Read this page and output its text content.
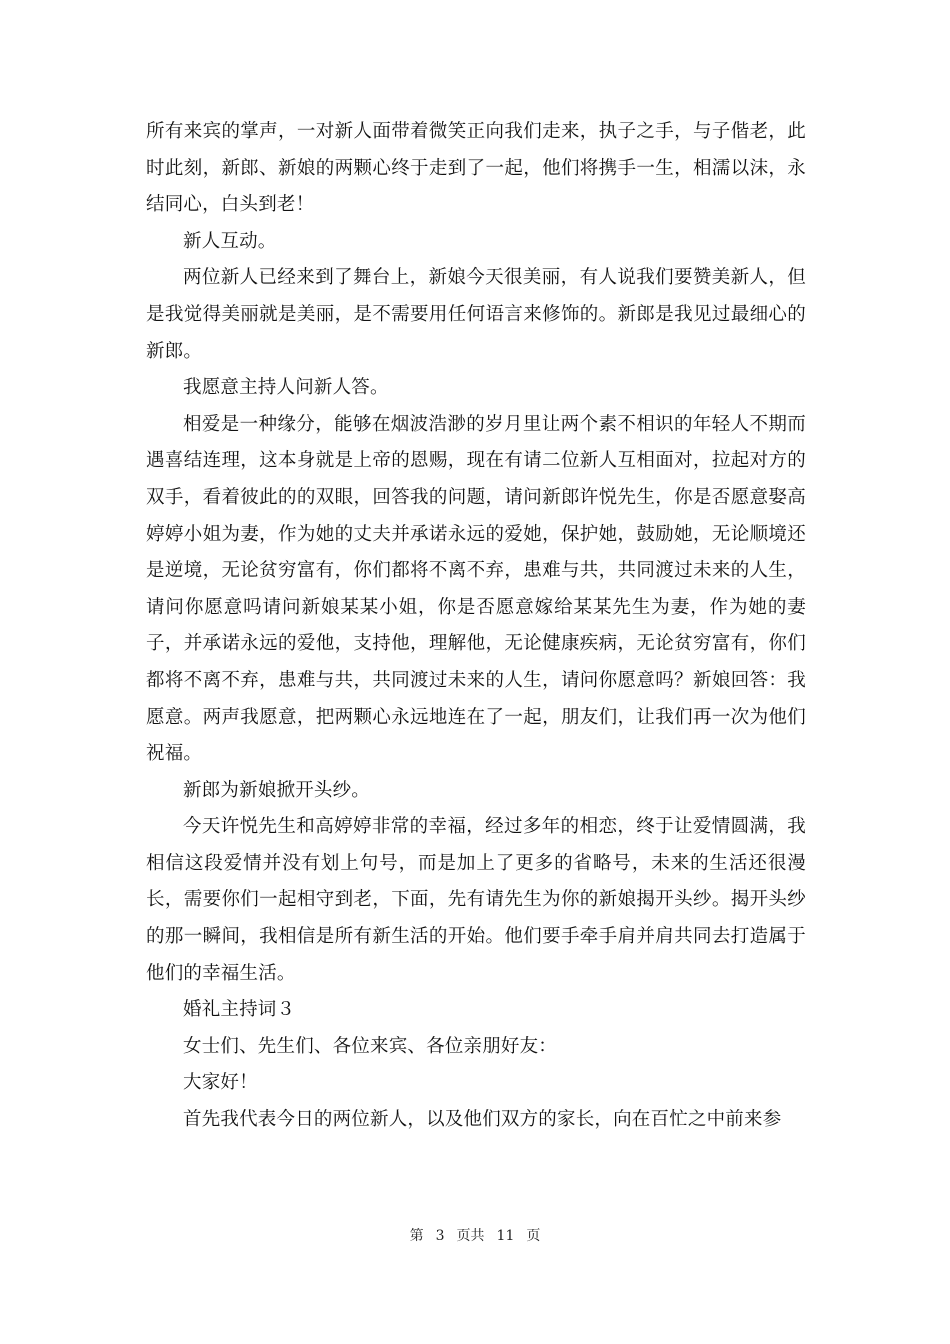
所有来宾的掌声，一对新人面带着微笑正向我们走来，执子之手，与子偕老，此时此刻，新郎、新娘的两颗心终于走到了一起，他们将携手一生，相濡以沫，永结同心，白头到老！

新人互动。

两位新人已经来到了舞台上，新娘今天很美丽，有人说我们要赞美新人，但是我觉得美丽就是美丽，是不需要用任何语言来修饰的。新郎是我见过最细心的新郎。

我愿意主持人问新人答。

相爱是一种缘分，能够在烟波浩渺的岁月里让两个素不相识的年轻人不期而遇喜结连理，这本身就是上帝的恩赐，现在有请二位新人互相面对，拉起对方的双手，看着彼此的的双眼，回答我的问题，请问新郎许悦先生，你是否愿意娶高婷婷小姐为妻，作为她的丈夫并承诺永远的爱她，保护她，鼓励她，无论顺境还是逆境，无论贫穷富有，你们都将不离不弃，患难与共，共同渡过未来的人生，请问你愿意吗请问新娘某某小姐，你是否愿意嫁给某某先生为妻，作为她的妻子，并承诺永远的爱他，支持他，理解他，无论健康疾病，无论贫穷富有，你们都将不离不弃，患难与共，共同渡过未来的人生，请问你愿意吗？新娘回答：我愿意。两声我愿意，把两颗心永远地连在了一起，朋友们，让我们再一次为他们祝福。

新郎为新娘掀开头纱。

今天许悦先生和高婷婷非常的幸福，经过多年的相恋，终于让爱情圆满，我相信这段爱情并没有划上句号，而是加上了更多的省略号，未来的生活还很漫长，需要你们一起相守到老，下面，先有请先生为你的新娘揭开头纱。揭开头纱的那一瞬间，我相信是所有新生活的开始。他们要手牵手肩并肩共同去打造属于他们的幸福生活。

婚礼主持词３

女士们、先生们、各位来宾、各位亲朋好友：

大家好！

首先我代表今日的两位新人，以及他们双方的家长，向在百忙之中前来参

第 3 页共 11 页
